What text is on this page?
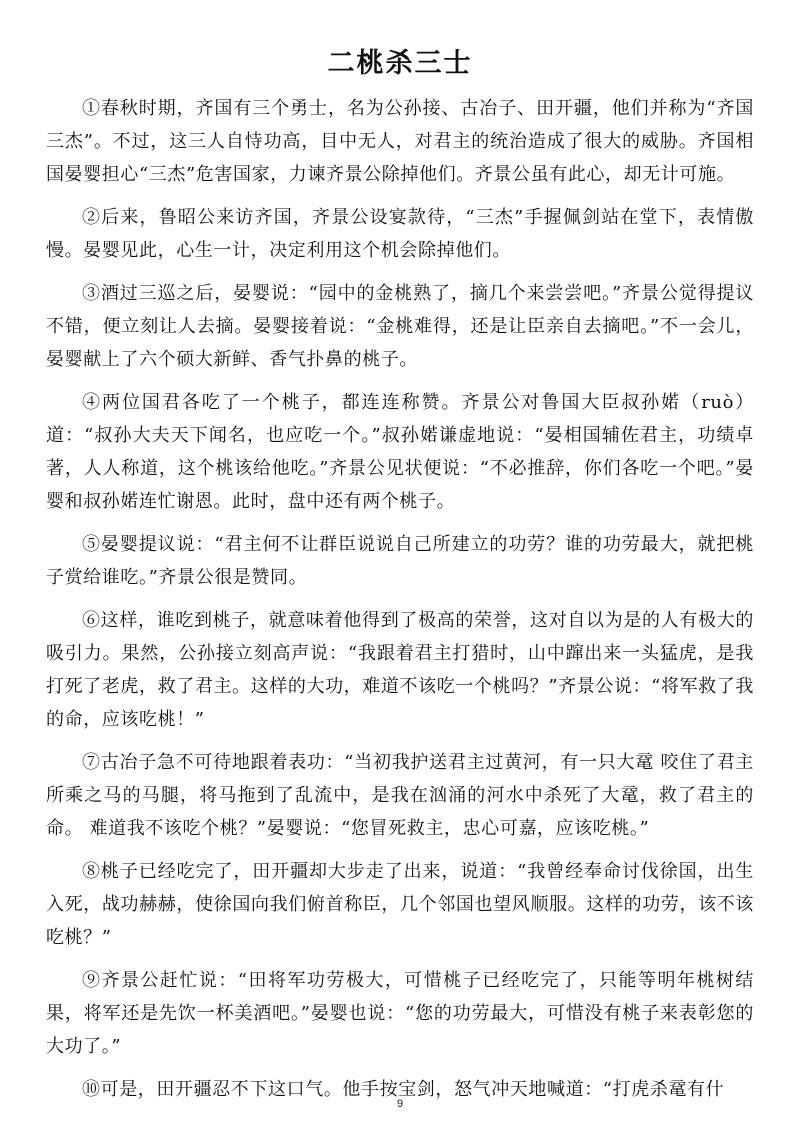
二桃杀三士

①春秋时期，齐国有三个勇士，名为公孙接、古冶子、田开疆，他们并称为“齐国三杰”。不过，这三人自恃功高，目中无人，对君主的统治造成了很大的威胁。齐国相国晏婴担心“三杰”危害国家，力谏齐景公除掉他们。齐景公虽有此心，却无计可施。

②后来，鲁昭公来访齐国，齐景公设宴款待，“三杰”手握佩剑站在堂下，表情傲慢。晏婴见此，心生一计，决定利用这个机会除掉他们。

③酒过三巡之后，晏婴说：“园中的金桃熟了，摘几个来尝尝吧。”齐景公觉得提议不错，便立刻让人去摘。晏婴接着说：“金桃难得，还是让臣亲自去摘吧。”不一会儿，晏婴献上了六个硕大新鲜、香气扑鼻的桃子。

④两位国君各吃了一个桃子，都连连称赞。齐景公对鲁国大臣叔孙婼（ruò）道：“叔孙大夫天下闻名，也应吃一个。”叔孙婼谦虚地说：“晏相国辅佐君主，功绩卓著，人人称道，这个桃该给他吃。”齐景公见状便说：“不必推辞，你们各吃一个吧。”晏婴和叔孙婼连忙谢恩。此时，盘中还有两个桃子。

⑤晏婴提议说：“君主何不让群臣说说自己所建立的功劳？谁的功劳最大，就把桃子赏给谁吃。”齐景公很是赞同。

⑥这样，谁吃到桃子，就意味着他得到了极高的荣誉，这对自以为是的人有极大的吸引力。果然，公孙接立刻高声说：“我跟着君主打猎时，山中蹿出来一头猛虎，是我打死了老虎，救了君主。这样的大功，难道不该吃一个桃吗？”齐景公说：“将军救了我的命，应该吃桃！”

⑦古冶子急不可待地跟着表功：“当初我护送君主过黄河，有一只大鼋 咬住了君主所乘之马的马腿，将马拖到了乱流中，是我在汹涌的河水中杀死了大鼋，救了君主的命。 难道我不该吃个桃？”晏婴说：“您冒死救主，忠心可嘉，应该吃桃。”

⑧桃子已经吃完了，田开疆却大步走了出来，说道：“我曾经奉命讨伐徐国，出生入死，战功赫赫，使徐国向我们俯首称臣，几个邻国也望风顺服。这样的功劳，该不该吃桃？”

⑨齐景公赶忙说：“田将军功劳极大，可惜桃子已经吃完了，只能等明年桃树结果，将军还是先饮一杯美酒吧。”晏婴也说：“您的功劳最大，可惜没有桃子来表彰您的大功了。”

⑩可是，田开疆忍不下这口气。他手按宝剑，怒气冲天地喊道：“打虎杀鼋有什

9
